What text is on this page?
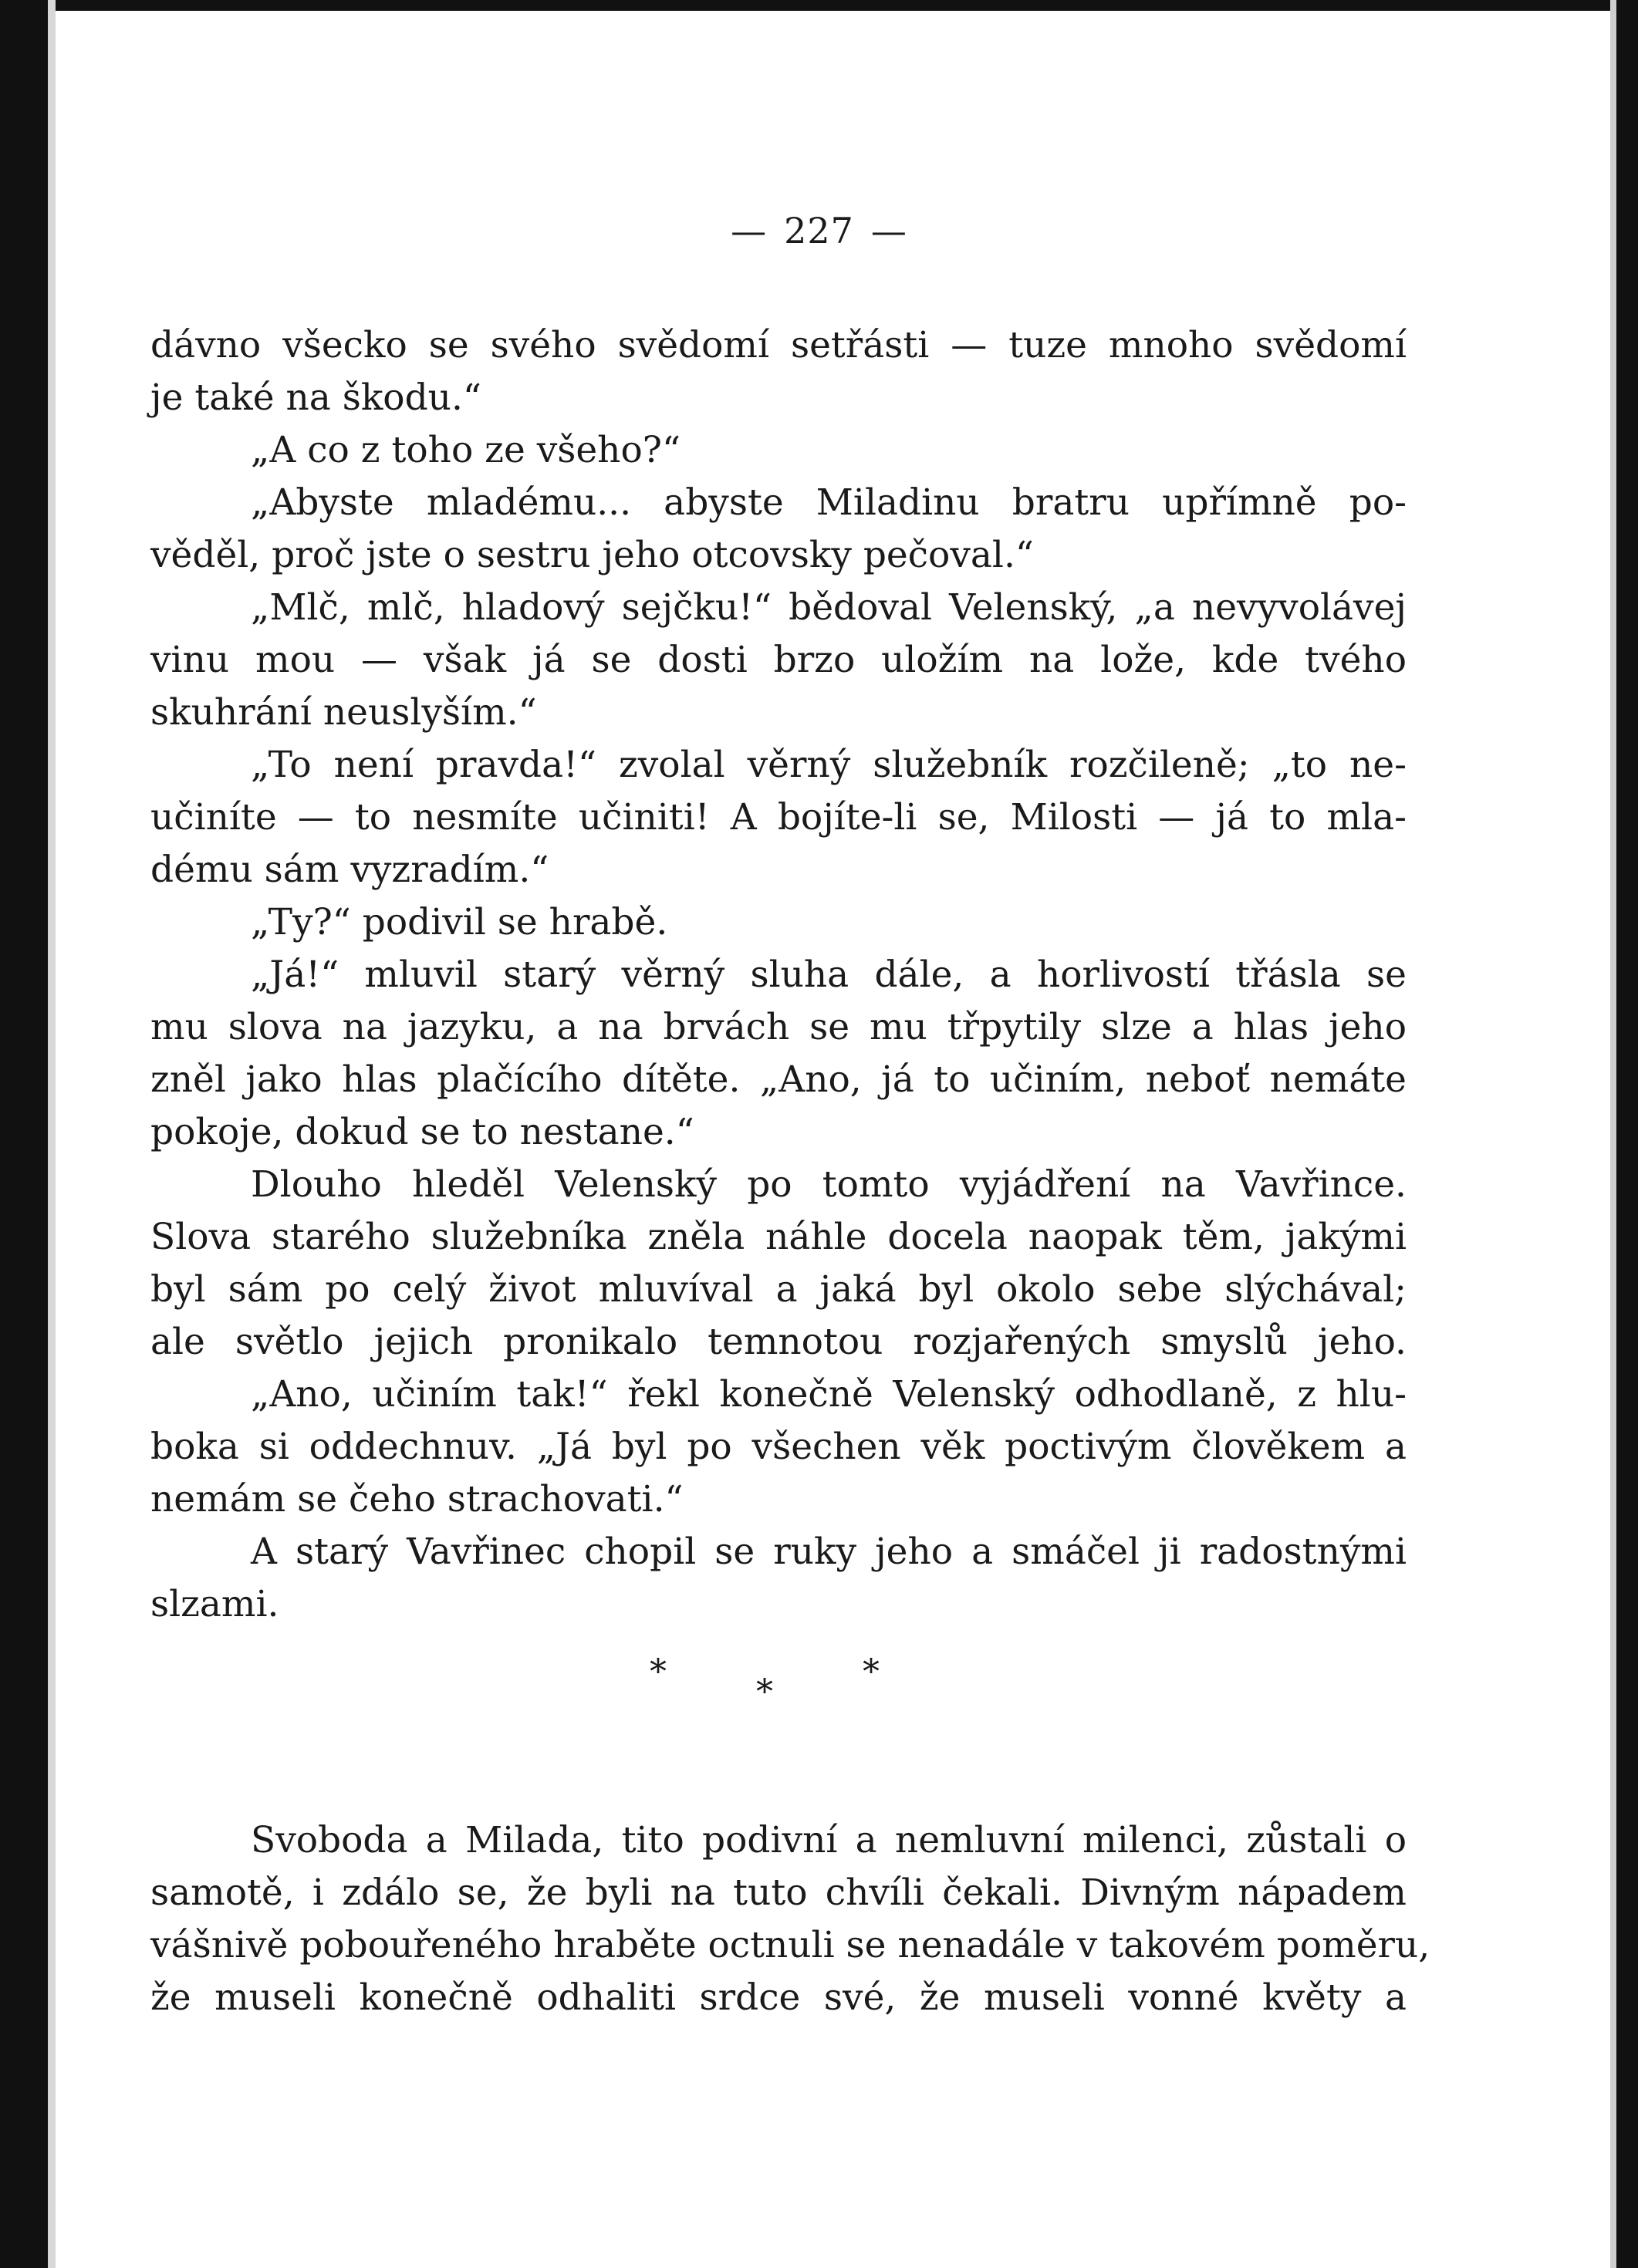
— 227 —
dávno všecko se svého svědomí setřásti — tuze mnoho svědomí
je také na škodu.“
„A co z toho ze všeho?“
„Abyste mladému... abyste Miladinu bratru upřímně po-
věděl, proč jste o sestru jeho otcovsky pečoval.“
„Mlč, mlč, hladový sejčku!“ bědoval Velenský, „a nevyvolávej
vinu mou — však já se dosti brzo uložím na lože, kde tvého
skuhrání neuslyším.“
„To není pravda!“ zvolal věrný služebník rozčileně; „to ne-
učiníte — to nesmíte učiniti! A bojíte-li se, Milosti — já to mla-
dému sám vyzradím.“
„Ty?“ podivil se hrabě.
„Já!“ mluvil starý věrný sluha dále, a horlivostí třásla se
mu slova na jazyku, a na brvách se mu třpytily slze a hlas jeho
zněl jako hlas plačícího dítěte. „Ano, já to učiním, neboť nemáte
pokoje, dokud se to nestane.“
Dlouho hleděl Velenský po tomto vyjádření na Vavřince.
Slova starého služebníka zněla náhle docela naopak těm, jakými
byl sám po celý život mluvíval a jaká byl okolo sebe slýchával;
ale světlo jejich pronikalo temnotou rozjařených smyslů jeho.
„Ano, učiním tak!“ řekl konečně Velenský odhodlaně, z hlu-
boka si oddechnuv. „Já byl po všechen věk poctivým člověkem a
nemám se čeho strachovati.“
A starý Vavřinec chopil se ruky jeho a smáčel ji radostnými
slzami.
*
*
*
Svoboda a Milada, tito podivní a nemluvní milenci, zůstali o
samotě, i zdálo se, že byli na tuto chvíli čekali. Divným nápadem
vášnivě pobouřeného hraběte octnuli se nenadále v takovém poměru,
že museli konečně odhaliti srdce své, že museli vonné květy a
